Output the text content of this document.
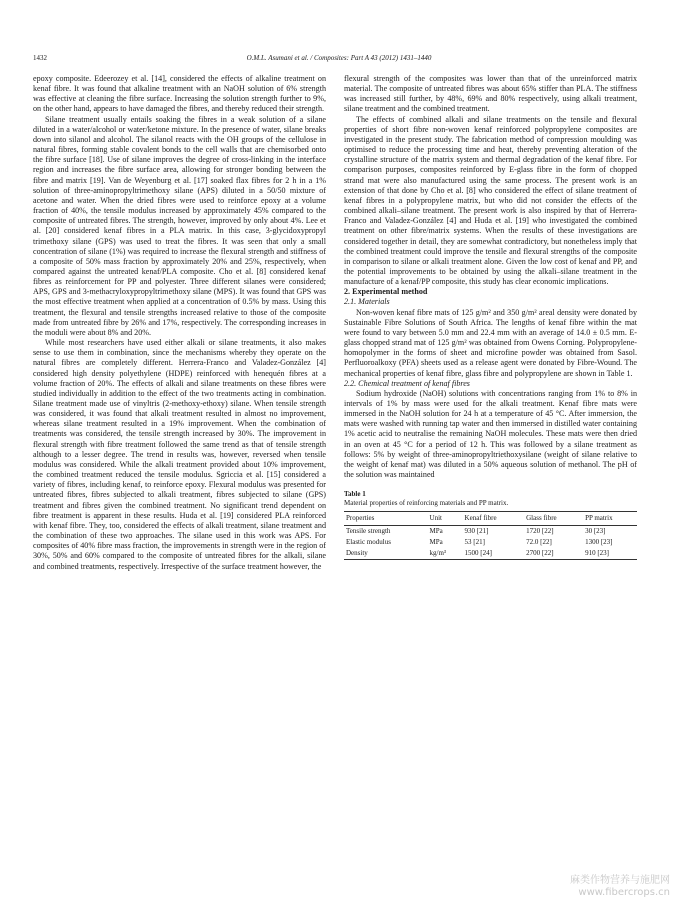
1432	O.M.L. Asumani et al. / Composites: Part A 43 (2012) 1431–1440

epoxy composite. Edeerozey et al. [14], considered the effects of alkaline treatment on kenaf fibre. It was found that alkaline treatment with an NaOH solution of 6% strength was effective at cleaning the fibre surface. Increasing the solution strength further to 9%, on the other hand, appears to have damaged the fibres, and thereby reduced their strength.

Silane treatment usually entails soaking the fibres in a weak solution of a silane diluted in a water/alcohol or water/ketone mixture. In the presence of water, silane breaks down into silanol and alcohol. The silanol reacts with the OH groups of the cellulose in natural fibres, forming stable covalent bonds to the cell walls that are chemisorbed onto the fibre surface [18]. Use of silane improves the degree of cross-linking in the interface region and increases the fibre surface area, allowing for stronger bonding between the fibre and matrix [19]. Van de Weyenburg et al. [17] soaked flax fibres for 2 h in a 1% solution of three-aminopropyltrimethoxy silane (APS) diluted in a 50/50 mixture of acetone and water. When the dried fibres were used to reinforce epoxy at a volume fraction of 40%, the tensile modulus increased by approximately 45% compared to the composite of untreated fibres. The strength, however, improved by only about 4%. Lee et al. [20] considered kenaf fibres in a PLA matrix. In this case, 3-glycidoxypropyl trimethoxy silane (GPS) was used to treat the fibres. It was seen that only a small concentration of silane (1%) was required to increase the flexural strength and stiffness of a composite of 50% mass fraction by approximately 20% and 25%, respectively, when compared against the untreated kenaf/PLA composite. Cho et al. [8] considered kenaf fibres as reinforcement for PP and polyester. Three different silanes were considered; APS, GPS and 3-methacryloxypropyltrimethoxy silane (MPS). It was found that GPS was the most effective treatment when applied at a concentration of 0.5% by mass. Using this treatment, the flexural and tensile strengths increased relative to those of the composite made from untreated fibre by 26% and 17%, respectively. The corresponding increases in the moduli were about 8% and 20%.

While most researchers have used either alkali or silane treatments, it also makes sense to use them in combination, since the mechanisms whereby they operate on the natural fibres are completely different. Herrera-Franco and Valadez-González [4] considered high density polyethylene (HDPE) reinforced with henequén fibres at a volume fraction of 20%. The effects of alkali and silane treatments on these fibres were studied individually in addition to the effect of the two treatments acting in combination. Silane treatment made use of vinyltris (2-methoxy-ethoxy) silane. When tensile strength was considered, it was found that alkali treatment resulted in almost no improvement, whereas silane treatment resulted in a 19% improvement. When the combination of treatments was considered, the tensile strength increased by 30%. The improvement in flexural strength with fibre treatment followed the same trend as that of tensile strength although to a lesser degree. The trend in results was, however, reversed when tensile modulus was considered. While the alkali treatment provided about 10% improvement, the combined treatment reduced the tensile modulus. Sgriccia et al. [15] considered a variety of fibres, including kenaf, to reinforce epoxy. Flexural modulus was presented for untreated fibres, fibres subjected to alkali treatment, fibres subjected to silane (GPS) treatment and fibres given the combined treatment. No significant trend dependent on fibre treatment is apparent in these results. Huda et al. [19] considered PLA reinforced with kenaf fibre. They, too, considered the effects of alkali treatment, silane treatment and the combination of these two approaches. The silane used in this work was APS. For composites of 40% fibre mass fraction, the improvements in strength were in the region of 30%, 50% and 60% compared to the composite of untreated fibres for the alkali, silane and combined treatments, respectively. Irrespective of the surface treatment however, the

flexural strength of the composites was lower than that of the unreinforced matrix material. The composite of untreated fibres was about 65% stiffer than PLA. The stiffness was increased still further, by 48%, 69% and 80% respectively, using alkali treatment, silane treatment and the combined treatment.

The effects of combined alkali and silane treatments on the tensile and flexural properties of short fibre non-woven kenaf reinforced polypropylene composites are investigated in the present study. The fabrication method of compression moulding was optimised to reduce the processing time and heat, thereby preventing alteration of the crystalline structure of the matrix system and thermal degradation of the kenaf fibre. For comparison purposes, composites reinforced by E-glass fibre in the form of chopped strand mat were also manufactured using the same process. The present work is an extension of that done by Cho et al. [8] who considered the effect of silane treatment of kenaf fibres in a polypropylene matrix, but who did not consider the effects of the combined alkali–silane treatment. The present work is also inspired by that of Herrera-Franco and Valadez-González [4] and Huda et al. [19] who investigated the combined treatment on other fibre/matrix systems. When the results of these investigations are considered together in detail, they are somewhat contradictory, but nonetheless imply that the combined treatment could improve the tensile and flexural strengths of the composite in comparison to silane or alkali treatment alone. Given the low cost of kenaf and PP, and the potential improvements to be obtained by using the alkali–silane treatment in the manufacture of a kenaf/PP composite, this study has clear economic implications.

2. Experimental method

2.1. Materials

Non-woven kenaf fibre mats of 125 g/m² and 350 g/m² areal density were donated by Sustainable Fibre Solutions of South Africa. The lengths of kenaf fibre within the mat were found to vary between 5.0 mm and 22.4 mm with an average of 14.0 ± 0.5 mm. E-glass chopped strand mat of 125 g/m² was obtained from Owens Corning. Polypropylene-homopolymer in the forms of sheet and microfine powder was obtained from Sasol. Perfluoroalkoxy (PFA) sheets used as a release agent were donated by Fibre-Wound. The mechanical properties of kenaf fibre, glass fibre and polypropylene are shown in Table 1.

2.2. Chemical treatment of kenaf fibres

Sodium hydroxide (NaOH) solutions with concentrations ranging from 1% to 8% in intervals of 1% by mass were used for the alkali treatment. Kenaf fibre mats were immersed in the NaOH solution for 24 h at a temperature of 45 °C. After immersion, the mats were washed with running tap water and then immersed in distilled water containing 1% acetic acid to neutralise the remaining NaOH molecules. These mats were then dried in an oven at 45 °C for a period of 12 h. This was followed by a silane treatment as follows: 5% by weight of three-aminopropyltriethoxysilane (weight of silane relative to the weight of kenaf mat) was diluted in a 50% aqueous solution of methanol. The pH of the solution was maintained

Table 1
Material properties of reinforcing materials and PP matrix.
Properties	Unit	Kenaf fibre	Glass fibre	PP matrix
Tensile strength	MPa	930 [21]	1720 [22]	30 [23]
Elastic modulus	MPa	53 [21]	72.0 [22]	1300 [23]
Density	kg/m³	1500 [24]	2700 [22]	910 [23]
麻类作物营养与施肥网
www.fibercrops.cn
